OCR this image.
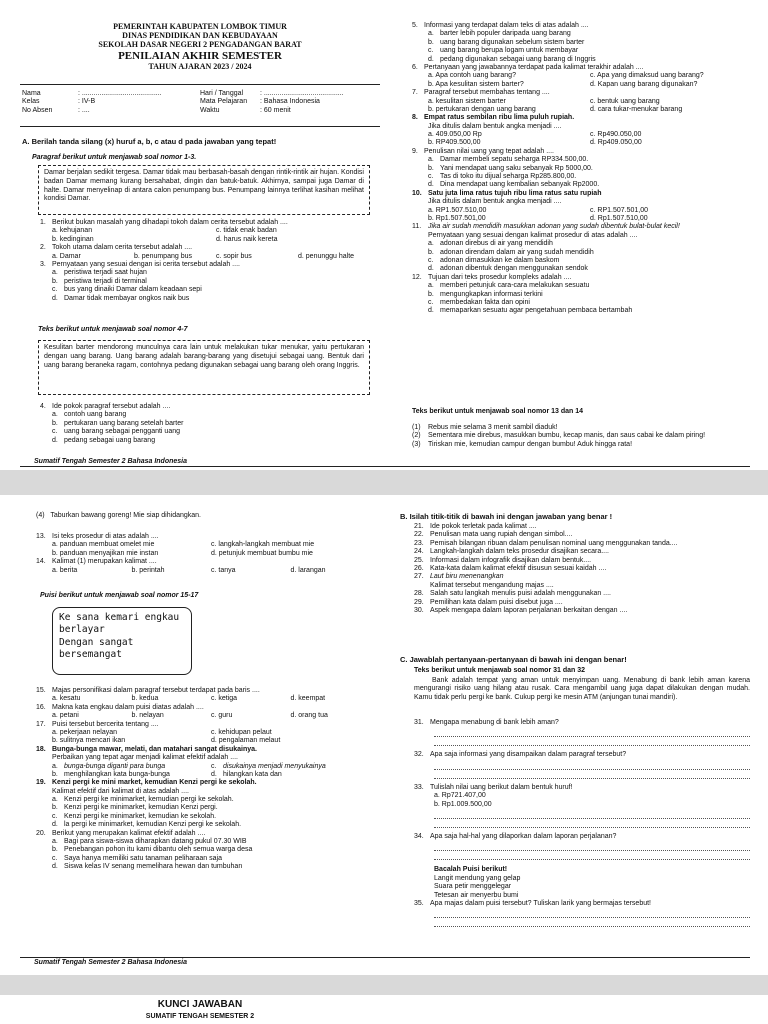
PEMERINTAH KABUPATEN LOMBOK TIMUR
DINAS PENDIDIKAN DAN KEBUDAYAAN
SEKOLAH DASAR NEGERI 2 PENGADANGAN BARAT
PENILAIAN AKHIR SEMESTER
TAHUN AJARAN 2023 / 2024
Nama	: .........................................
Kelas	: IV-B
No Absen	: ....
Hari / Tanggal	: .........................................
Mata Pelajaran	: Bahasa Indonesia
Waktu	: 60 menit
A. Berilah tanda silang (x) huruf a, b, c atau d pada jawaban yang tepat!
Paragraf berikut untuk menjawab soal nomor 1-3.
Damar berjalan sedikit tergesa. Damar tidak mau berbasah-basah dengan rintik-rintik air hujan. Kondisi badan Damar memang kurang bersahabat, dingin dan batuk-batuk. Akhirnya, sampai juga Damar di halte. Damar menyelinap di antara calon penumpang bus. Penumpang lainnya terlihat kasihan melihat kondisi Damar.
1. Berikut bukan masalah yang dihadapi tokoh dalam cerita tersebut adalah ....
a. kehujanan	c. tidak enak badan
b. kedinginan	d. harus naik kereta
2. Tokoh utama dalam cerita tersebut adalah ....
a. Damar	b. penumpang bus	c. sopir bus	d. penunggu halte
3. Pernyataan yang sesuai dengan isi cerita tersebut adalah ....
a. peristiwa terjadi saat hujan
b. peristiwa terjadi di terminal
c. bus yang dinaiki Damar dalam keadaan sepi
d. Damar tidak membayar ongkos naik bus
Teks berikut untuk menjawab soal nomor 4-7
Kesulitan barter mendorong munculnya cara lain untuk melakukan tukar menukar, yaitu pertukaran dengan uang barang. Uang barang adalah barang-barang yang disetujui sebagai uang. Bentuk dari uang barang beraneka ragam, contohnya pedang digunakan sebagai uang barang oleh orang Inggris.
4. Ide pokok paragraf tersebut adalah ....
a. contoh uang barang
b. pertukaran uang barang setelah barter
c. uang barang sebagai pengganti uang
d. pedang sebagai uang barang
5. Informasi yang terdapat dalam teks di atas adalah ....
a. barter lebih populer daripada uang barang
b. uang barang digunakan sebelum sistem barter
c. uang barang berupa logam untuk membayar
d. pedang digunakan sebagai uang barang di Inggris
6. Pertanyaan yang jawabannya terdapat pada kalimat terakhir adalah ....
a. Apa contoh uang barang?	c. Apa yang dimaksud uang barang?
b. Apa kesulitan sistem barter?	d. Kapan uang barang digunakan?
7. Paragraf tersebut membahas tentang ....
a. kesulitan sistem barter	c. bentuk uang barang
b. pertukaran dengan uang barang	d. cara tukar-menukar barang
8. Empat ratus sembilan ribu lima puluh rupiah.
Jika ditulis dalam bentuk angka menjadi ....
a. 409.050,00 Rp	c. Rp490.050,00
b. RP409.500,00	d. Rp409.050,00
9. Penulisan nilai uang yang tepat adalah ....
a. Damar membeli sepatu seharga RP334.500,00.
b. Yani mendapat uang saku sebanyak Rp 5000,00.
c. Tas di toko itu dijual seharga Rp285.800,00.
d. Dina mendapat uang kembalian sebanyak Rp2000.
10. Satu juta lima ratus tujuh ribu lima ratus satu rupiah
Jika ditulis dalam bentuk angka menjadi ....
a. RP1.507.510,00	c. RP1.507.501,00
b. Rp1.507.501,00	d. Rp1.507.510,00
11. Jika air sudah mendidih masukkan adonan yang sudah dibentuk bulat-bulat kecil!
Pernyataan yang sesuai dengan kalimat prosedur di atas adalah ....
a. adonan direbus di air yang mendidih
b. adonan direndam dalam air yang sudah mendidih
c. adonan dimasukkan ke dalam baskom
d. adonan dibentuk dengan menggunakan sendok
12. Tujuan dari teks prosedur kompleks adalah ....
a. memberi petunjuk cara-cara melakukan sesuatu
b. mengungkapkan informasi terkini
c. membedakan fakta dan opini
d. memaparkan sesuatu agar pengetahuan pembaca bertambah
Teks berikut untuk menjawab soal nomor 13 dan 14
(1)	Rebus mie selama 3 menit sambil diaduk!
(2)	Sementara mie direbus, masukkan bumbu, kecap manis, dan saus cabai ke dalam piring!
(3)	Tiriskan mie, kemudian campur dengan bumbu! Aduk hingga rata!
Sumatif Tengah Semester 2 Bahasa Indonesia
(4)   Taburkan bawang goreng! Mie siap dihidangkan.
13. Isi teks prosedur di atas adalah ....
a. panduan membuat omelet mie	c. langkah-langkah membuat mie
b. panduan menyajikan mie instan	d. petunjuk membuat bumbu mie
14. Kalimat (1) merupakan kalimat ....
a. berita	b. perintah	c. tanya	d. larangan
Puisi berikut untuk menjawab soal nomor 15-17
Ke sana kemari engkau
berlayar
Dengan sangat
bersemangat
15. Majas personifikasi dalam paragraf tersebut terdapat pada baris ....
a. kesatu	b. kedua	c. ketiga	d. keempat
16. Makna kata engkau dalam puisi diatas adalah ....
a. petani	b. nelayan	c. guru	d. orang tua
17. Puisi tersebut bercerita tentang ....
a. pekerjaan nelayan	c. kehidupan pelaut
b. sulitnya mencari ikan	d. pengalaman melaut
18. Bunga-bunga mawar, melati, dan matahari sangat disukainya.
Perbaikan yang tepat agar menjadi kalimat efektif adalah ....
a. bunga-bunga diganti para bunga	c. disukainya menjadi menyukainya
b. menghilangkan kata bunga-bunga	d. hilangkan kata dan
19. Kenzi pergi ke mini market, kemudian Kenzi pergi ke sekolah.
Kalimat efektif dari kalimat di atas adalah ....
a. Kenzi pergi ke minimarket, kemudian pergi ke sekolah.
b. Kenzi pergi ke minimarket, kemudian Kenzi pergi.
c. Kenzi pergi ke minimarket, kemudian ke sekolah.
d. la pergi ke minimarket, kemudian Kenzi pergi ke sekolah.
20. Berikut yang merupakan kalimat efektif adalah ....
a. Bagi para siswa-siswa diharapkan datang pukul 07.30 WIB
b. Penebangan pohon itu kami dibantu oleh semua warga desa
c. Saya hanya memiliki satu tanaman peliharaan saja
d. Siswa kelas IV senang memelihara hewan dan tumbuhan
B. Isilah titik-titik di bawah ini dengan jawaban yang benar !
21. Ide pokok terletak pada kalimat ....
22. Penulisan mata uang rupiah dengan simbol....
23. Pemisah bilangan ribuan dalam penulisan nominal uang menggunakan tanda....
24. Langkah-langkah dalam teks prosedur disajikan secara....
25. Informasi dalam infografik disajikan dalam bentuk....
26. Kata-kata dalam kalimat efektif disusun sesuai kaidah ....
27. Laut biru menenangkan
Kalimat tersebut mengandung majas ....
28. Salah satu langkah menulis puisi adalah menggunakan ....
29. Pemilihan kata dalam puisi disebut juga ....
30. Aspek mengapa dalam laporan perjalanan berkaitan dengan ....
C. Jawablah pertanyaan-pertanyaan di bawah ini dengan benar!
Teks berikut untuk menjawab soal nomor 31 dan 32
Bank adalah tempat yang aman untuk menyimpan uang. Menabung di bank lebih aman karena mengurangi risiko uang hilang atau rusak. Cara mengambil uang juga dapat dilakukan dengan mudah. Kamu tidak perlu pergi ke bank. Cukup pergi ke mesin ATM (anjungan tunai mandiri).
31. Mengapa menabung di bank lebih aman?
32. Apa saja informasi yang disampaikan dalam paragraf tersebut?
33. Tulislah nilai uang berikut dalam bentuk huruf!
a. Rp721.407,00
b. Rp1.009.500,00
34. Apa saja hal-hal yang dilaporkan dalam laporan perjalanan?
Bacalah Puisi berikut!
Langit mendung yang gelap
Suara petir menggelegar
Tetesan air menyerbu bumi
35. Apa majas dalam puisi tersebut? Tuliskan larik yang bermajas tersebut!
Sumatif Tengah Semester 2 Bahasa Indonesia
KUNCI JAWABAN
SUMATIF TENGAH SEMESTER 2
